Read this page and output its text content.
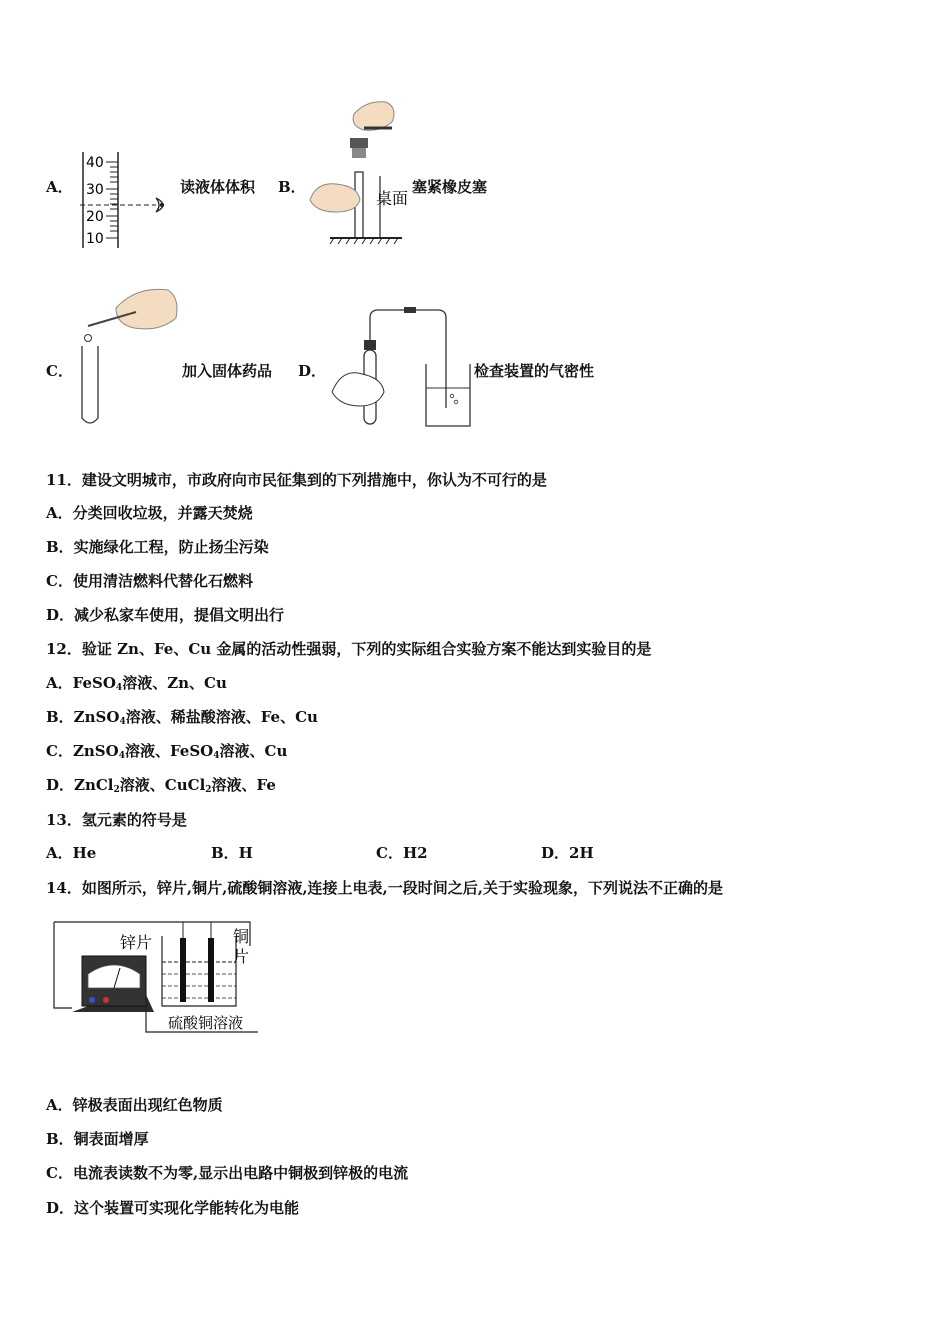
A．
40
30
20
10
读液体体积 B．
桌面
塞紧橡皮塞
C．	加入固体药品 D．	检查装置的气密性
11．建设文明城市，市政府向市民征集到的下列措施中，你认为不可行的是
A．分类回收垃圾，并露天焚烧
B．实施绿化工程，防止扬尘污染
C．使用清洁燃料代替化石燃料
D．减少私家车使用，提倡文明出行
12．验证 Zn、Fe、Cu 金属的活动性强弱，下列的实际组合实验方案不能达到实验目的是
A．FeSO$_4$溶液、Zn、Cu
B．ZnSO$_4$溶液、稀盐酸溶液、Fe、Cu
C．ZnSO$_4$溶液、FeSO$_4$溶液、Cu
D．ZnCl$_2$溶液、CuCl$_2$溶液、Fe
13．氢元素的符号是
A．He	B．H	C．H2	D．2H
14．如图所示，锌片,铜片,硫酸铜溶液,连接上电表,一段时间之后,关于实验现象，下列说法不正确的是
锌片	铜
片
硫酸铜溶液
A．锌极表面出现红色物质
B．铜表面增厚
C．电流表读数不为零,显示出电路中铜极到锌极的电流
D．这个装置可实现化学能转化为电能
